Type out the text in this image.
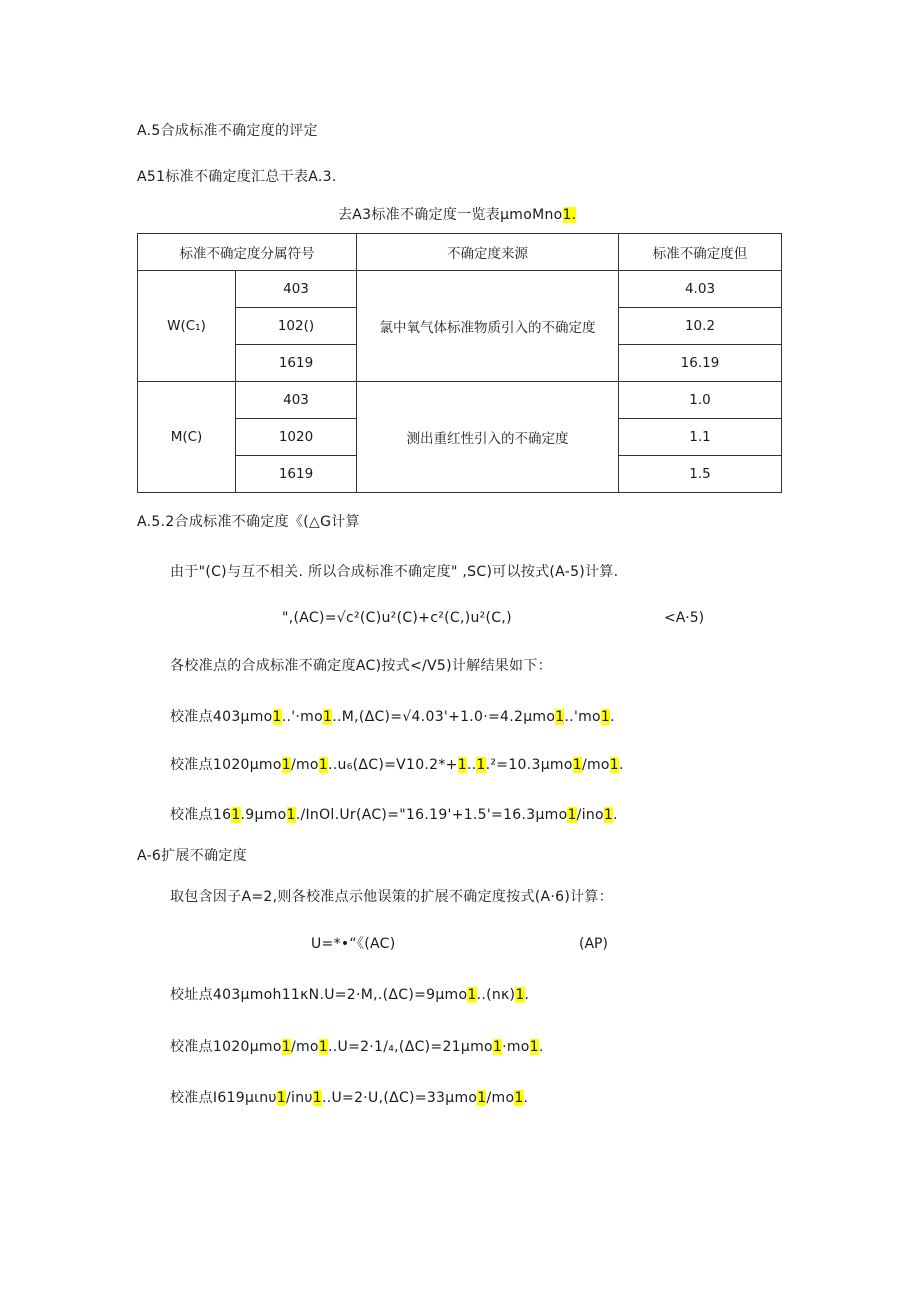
A.5合成标准不确定度的评定
A51标准不确定度汇总干表A.3.
去A3标准不确定度一览表μmoMno1.
标准不确定度分属符号		不确定度来源	标准不确定度但
W(C₁)	403	氯中氧气体标准物质引入的不确定度	4.03
	102()		10.2
	1619		16.19
M(C)	403	测出重红性引入的不确定度	1.0
	1020		1.1
	1619		1.5
A.5.2合成标准不确定度《(△G计算
由于"(C)与互不相关. 所以合成标准不确定度" ,SC)可以按式(A-5)计算.
",(AC)=√c²(C)u²(C)+c²(C,)u²(C,)	<A·5)
各校准点的合成标准不确定度AC)按式</V5)计解结果如下：
校准点403μmo1..'·mo1..M,(ΔC)=√4.03'+1.0·=4.2μmo1..'mo1.
校准点1020μmo1/mo1..u₆(ΔC)=V10.2*+1..1.²=10.3μmo1/mo1.
校准点161.9μmo1./InOl.Ur(AC)="16.19'+1.5'=16.3μmo1/ino1.
A-6扩展不确定度
取包含因子A=2,则各校准点示他误策的扩展不确定度按式(A·6)计算：
U=*•“《(AC)	(AP)
校址点403μmoh11κN.U=2·M,.(ΔC)=9μmo1..(nκ)1.
校准点1020μmo1/mo1..U=2·1/₄,(ΔC)=21μmo1·mo1.
校准点I619μιnυ1/inυ1..U=2·U,(ΔC)=33μmo1/mo1.
